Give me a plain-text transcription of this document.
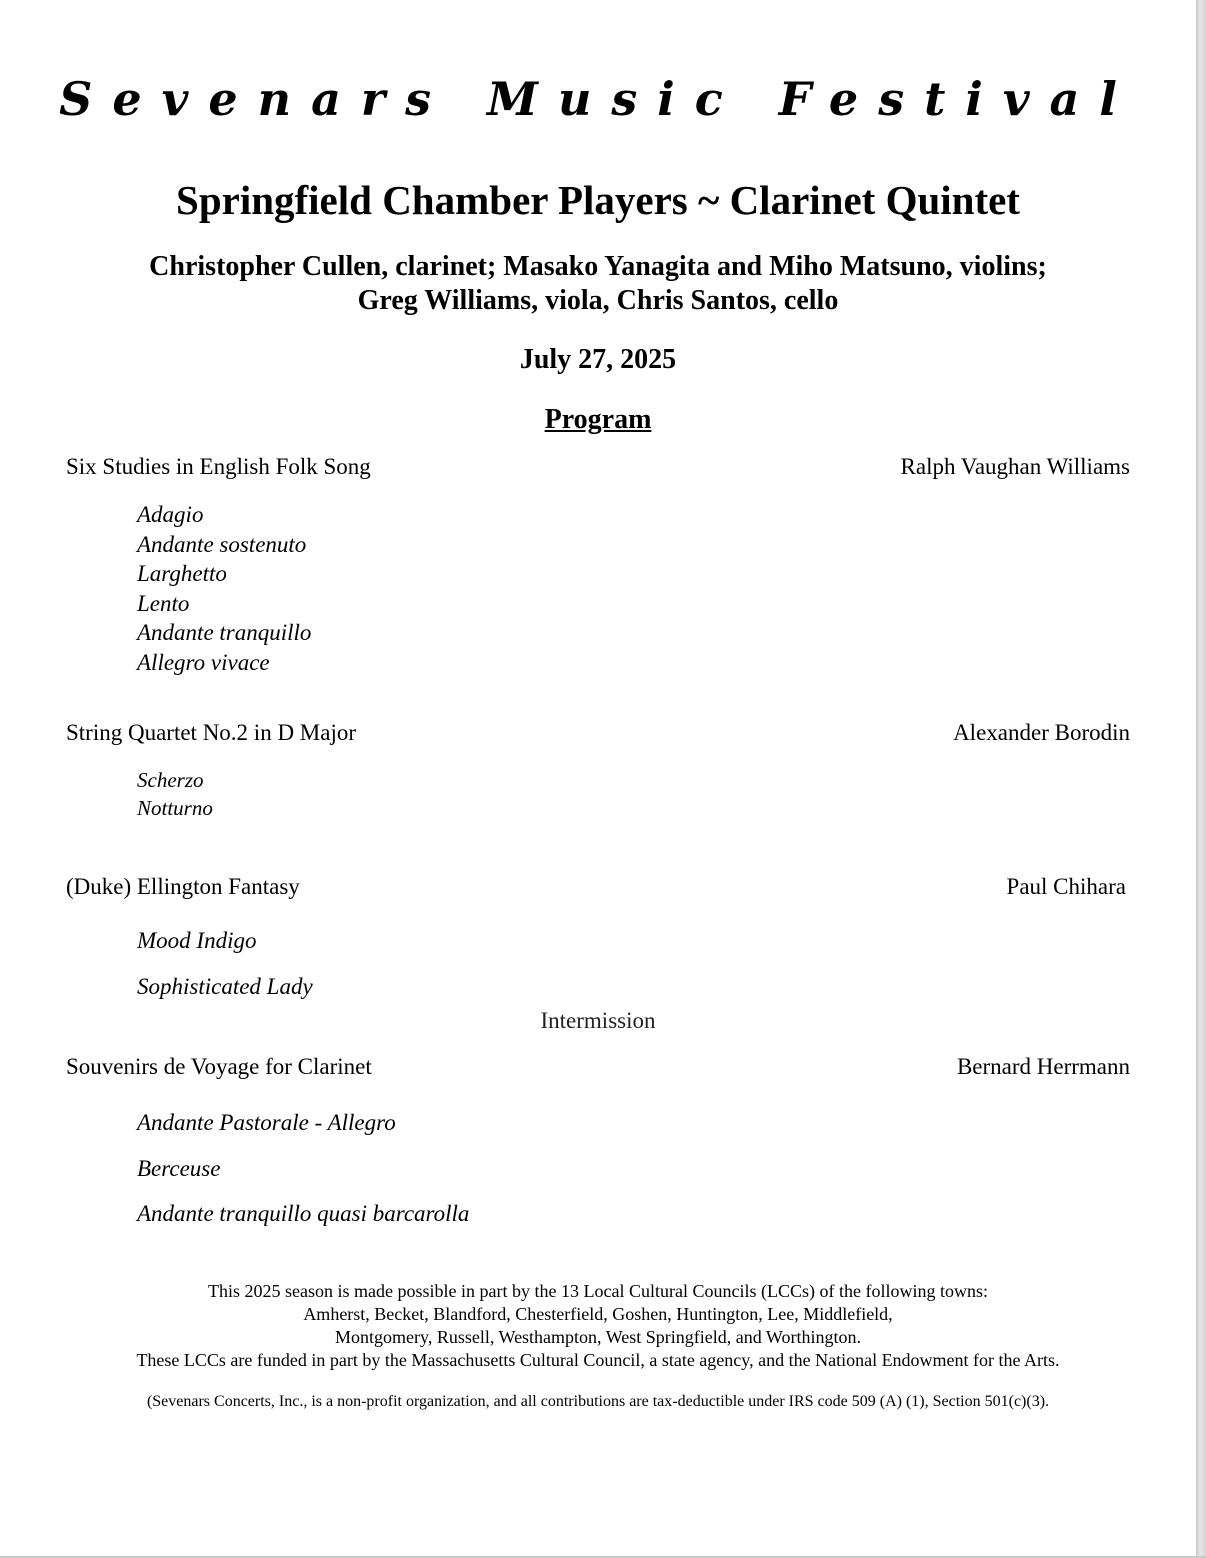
Sevenars Music Festival
Springfield Chamber Players ~ Clarinet Quintet
Christopher Cullen, clarinet; Masako Yanagita and Miho Matsuno, violins;
Greg Williams, viola, Chris Santos, cello
July 27, 2025
Program
Six Studies in English Folk Song	Ralph Vaughan Williams
Adagio
Andante sostenuto
Larghetto
Lento
Andante tranquillo
Allegro vivace
String Quartet No.2 in D Major	Alexander Borodin
Scherzo
Notturno
(Duke) Ellington Fantasy	Paul Chihara
Mood Indigo
Sophisticated Lady
Intermission
Souvenirs de Voyage for Clarinet	Bernard Herrmann
Andante Pastorale - Allegro
Berceuse
Andante tranquillo quasi barcarolla
This 2025 season is made possible in part by the 13 Local Cultural Councils (LCCs) of the following towns:
Amherst, Becket, Blandford, Chesterfield, Goshen, Huntington, Lee, Middlefield,
Montgomery, Russell, Westhampton, West Springfield, and Worthington.
These LCCs are funded in part by the Massachusetts Cultural Council, a state agency, and the National Endowment for the Arts.
(Sevenars Concerts, Inc., is a non-profit organization, and all contributions are tax-deductible under IRS code 509 (A) (1), Section 501(c)(3).
